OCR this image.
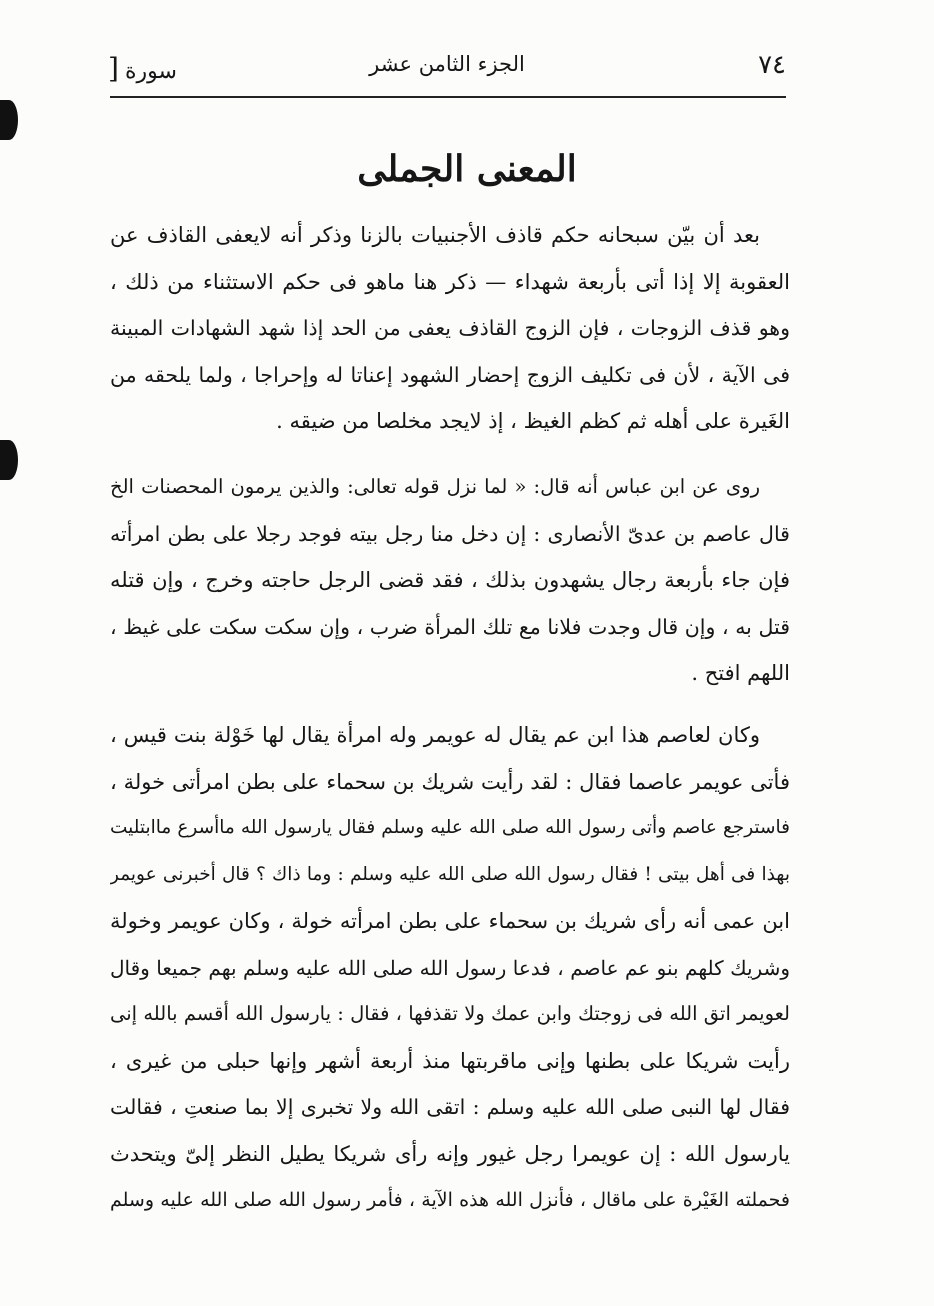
٧٤
الجزء الثامن عشر
سورة [
المعنى الجملى
بعد أن بيّن سبحانه حكم قاذف الأجنبيات بالزنا وذكر أنه لايعفى القاذف عن
العقوبة إلا إذا أتى بأربعة شهداء — ذكر هنا ماهو فى حكم الاستثناء من ذلك ،
وهو قذف الزوجات ، فإن الزوج القاذف يعفى من الحد إذا شهد الشهادات المبينة
فى الآية ، لأن فى تكليف الزوج إحضار الشهود إعناتا له وإحراجا ، ولما يلحقه من
الغَيرة على أهله ثم كظم الغيظ ، إذ لايجد مخلصا من ضيقه .
روى عن ابن عباس أنه قال: « لما نزل قوله تعالى: والذين يرمون المحصنات الخ
قال عاصم بن عدىّ الأنصارى : إن دخل منا رجل بيته فوجد رجلا على بطن امرأته
فإن جاء بأربعة رجال يشهدون بذلك ، فقد قضى الرجل حاجته وخرج ، وإن قتله
قتل به ، وإن قال وجدت فلانا مع تلك المرأة ضرب ، وإن سكت سكت على غيظ ،
اللهم افتح .
وكان لعاصم هذا ابن عم يقال له عويمر وله امرأة يقال لها خَوْلة بنت قيس ،
فأتى عويمر عاصما فقال : لقد رأيت شريك بن سحماء على بطن امرأتى خولة ،
فاسترجع عاصم وأتى رسول الله صلى الله عليه وسلم فقال يارسول الله ماأسرع ماابتليت
بهذا فى أهل بيتى ! فقال رسول الله صلى الله عليه وسلم : وما ذاك ؟ قال أخبرنى عويمر
ابن عمى أنه رأى شريك بن سحماء على بطن امرأته خولة ، وكان عويمر وخولة
وشريك كلهم بنو عم عاصم ، فدعا رسول الله صلى الله عليه وسلم بهم جميعا وقال
لعويمر اتق الله فى زوجتك وابن عمك ولا تقذفها ، فقال : يارسول الله أقسم بالله إنى
رأيت شريكا على بطنها وإنى ماقربتها منذ أربعة أشهر وإنها حبلى من غيرى ،
فقال لها النبى صلى الله عليه وسلم : اتقى الله ولا تخبرى إلا بما صنعتِ ، فقالت
يارسول الله : إن عويمرا رجل غيور وإنه رأى شريكا يطيل النظر إلىّ ويتحدث
فحملته الغَيْرة على ماقال ، فأنزل الله هذه الآية ، فأمر رسول الله صلى الله عليه وسلم
